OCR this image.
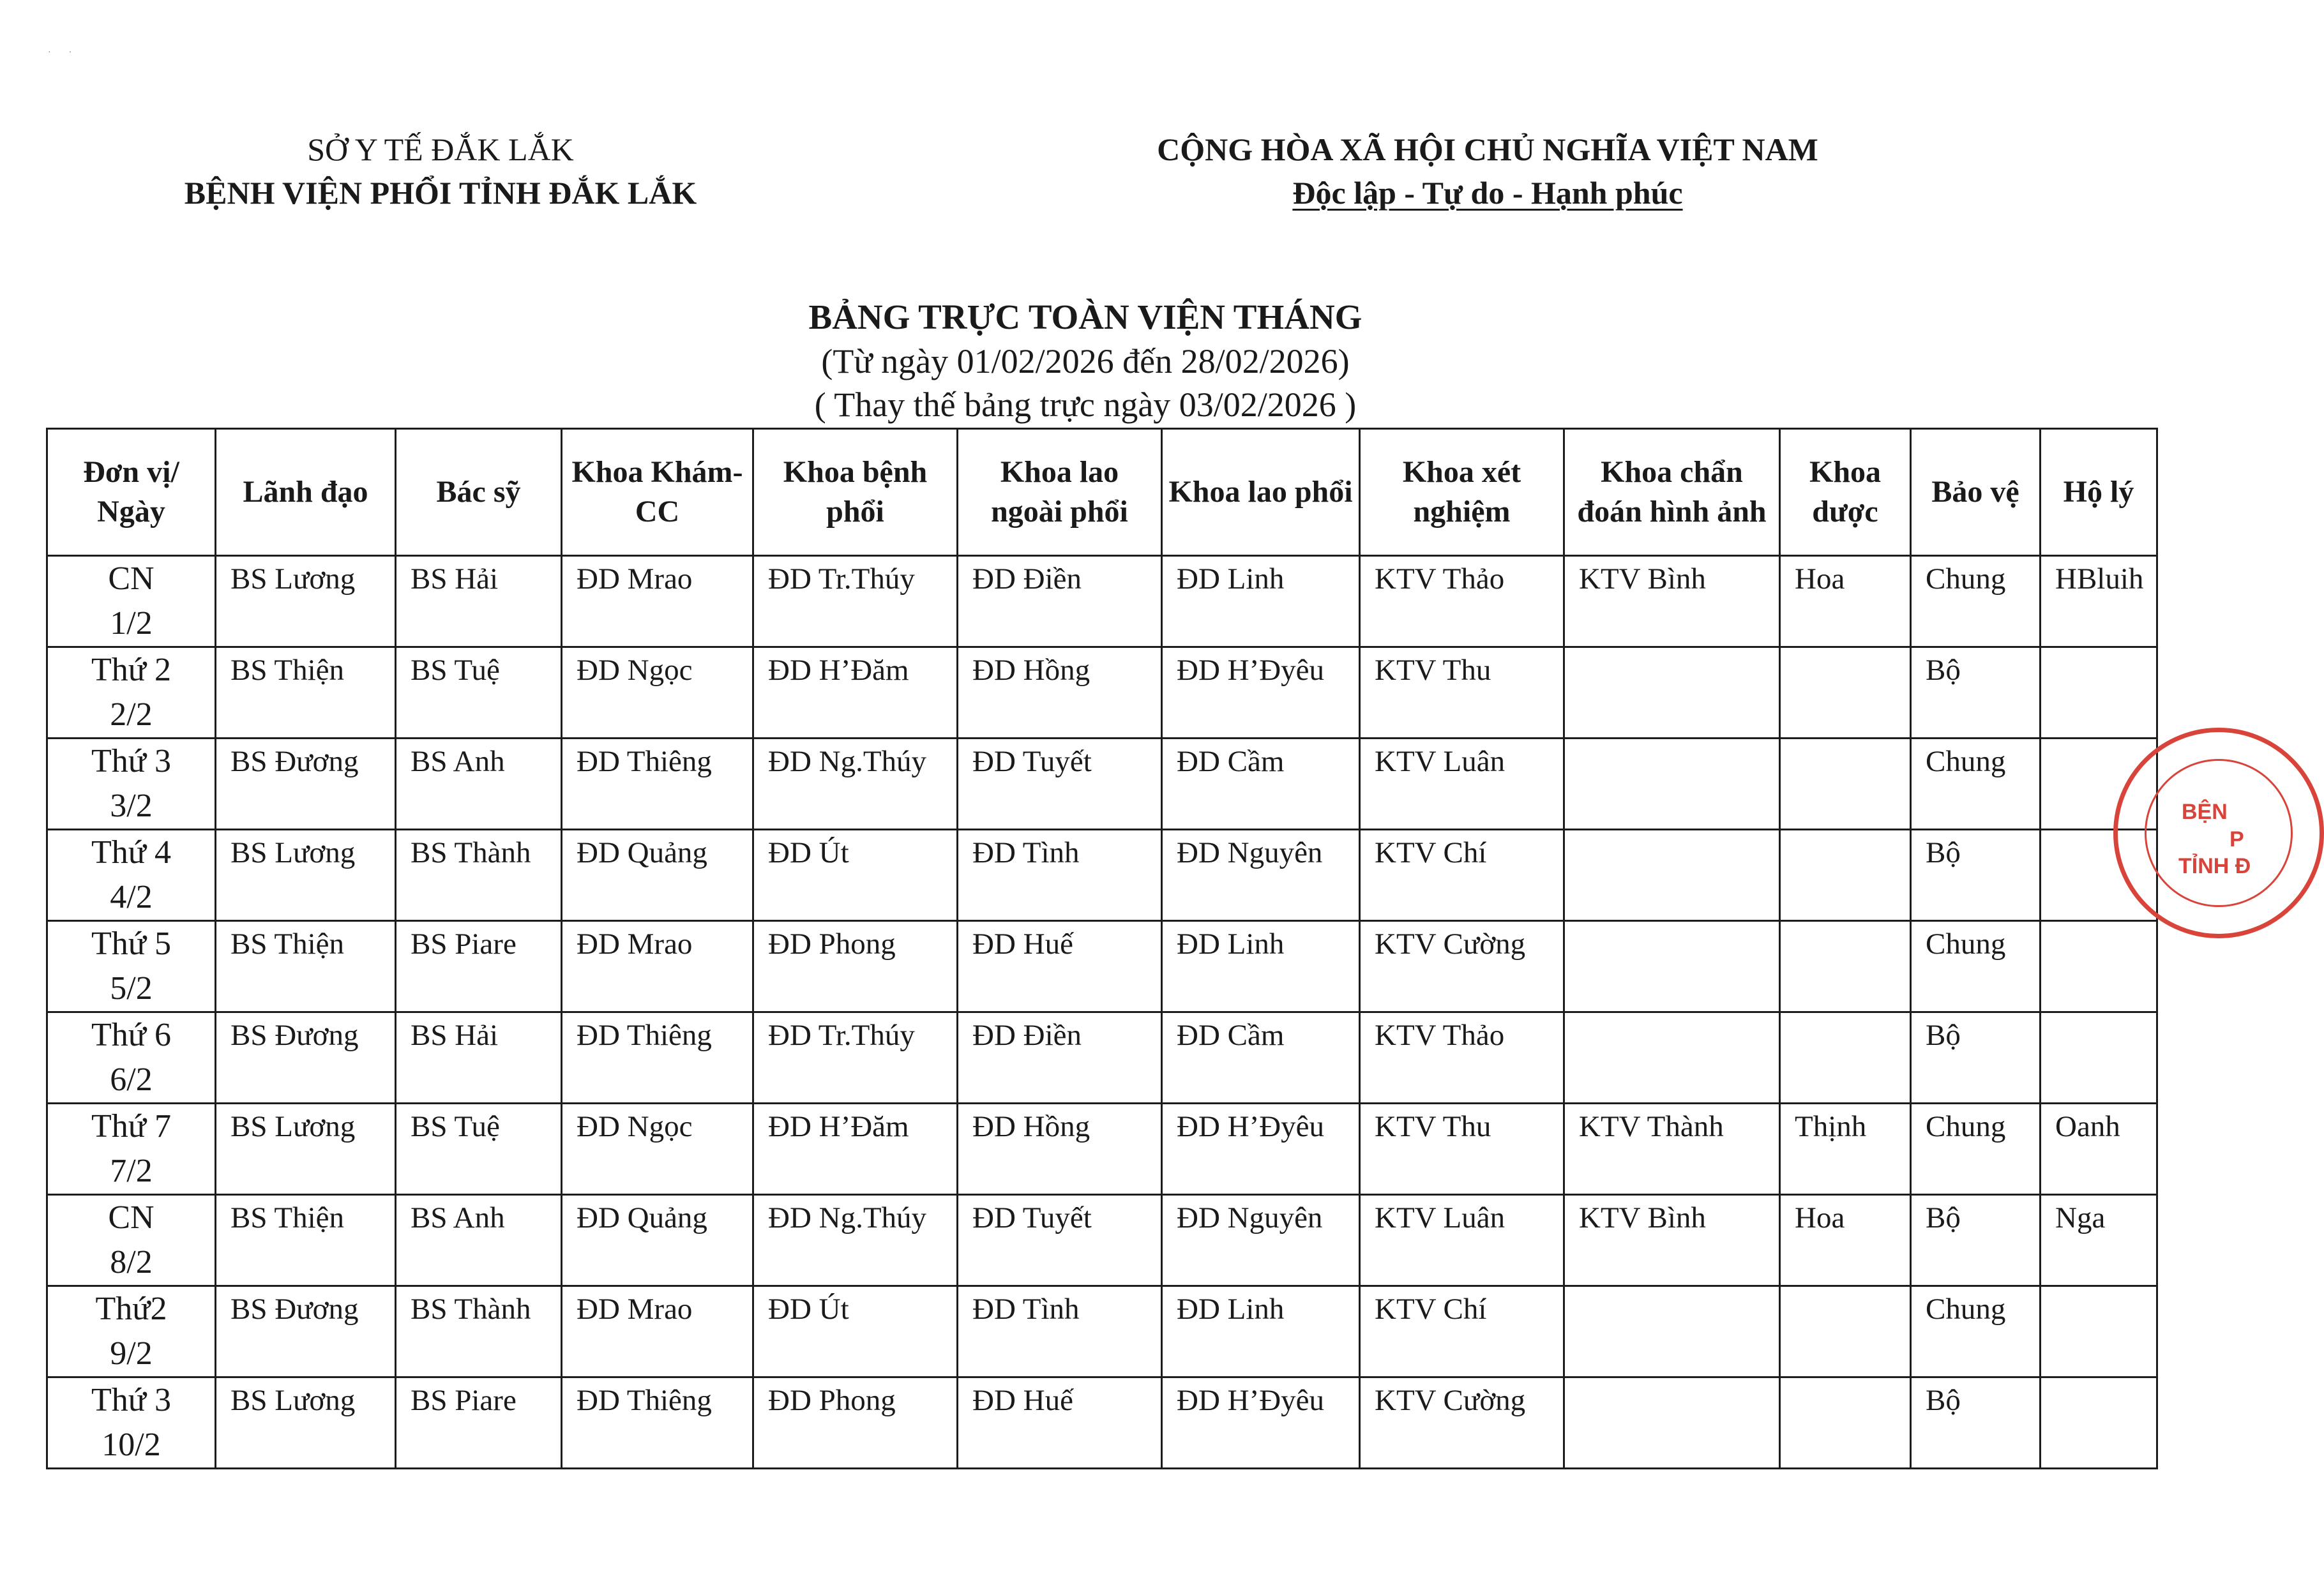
·        ·
SỞ Y TẾ ĐẮK LẮK
BỆNH VIỆN PHỔI TỈNH ĐẮK LẮK
CỘNG HÒA XÃ HỘI CHỦ NGHĨA VIỆT NAM
Độc lập - Tự do - Hạnh phúc
BẢNG TRỰC TOÀN VIỆN THÁNG
(Từ ngày 01/02/2026 đến 28/02/2026)
( Thay thế bảng trực ngày 03/02/2026 )
Đơn vị/ Ngày	Lãnh đạo	Bác sỹ	Khoa Khám-CC	Khoa bệnh phổi	Khoa lao ngoài phổi	Khoa lao phổi	Khoa xét nghiệm	Khoa chẩn đoán hình ảnh	Khoa dược	Bảo vệ	Hộ lý

CN
1/2	BS Lương	BS Hải	ĐD Mrao	ĐD Tr.Thúy	ĐD Điền	ĐD Linh	KTV Thảo	KTV Bình	Hoa	Chung	HBluih

Thứ 2
2/2	BS Thiện	BS Tuệ	ĐD Ngọc	ĐD H’Đăm	ĐD Hồng	ĐD H’Đyêu	KTV Thu			Bộ	

Thứ 3
3/2	BS Đương	BS Anh	ĐD Thiêng	ĐD Ng.Thúy	ĐD Tuyết	ĐD Cầm	KTV Luân			Chung	

Thứ 4
4/2	BS Lương	BS Thành	ĐD Quảng	ĐD Út	ĐD Tình	ĐD Nguyên	KTV Chí			Bộ	

Thứ 5
5/2	BS Thiện	BS Piare	ĐD Mrao	ĐD Phong	ĐD Huế	ĐD Linh	KTV Cường			Chung	

Thứ 6
6/2	BS Đương	BS Hải	ĐD Thiêng	ĐD Tr.Thúy	ĐD Điền	ĐD Cầm	KTV Thảo			Bộ	

Thứ 7
7/2	BS Lương	BS Tuệ	ĐD Ngọc	ĐD H’Đăm	ĐD Hồng	ĐD H’Đyêu	KTV Thu	KTV Thành	Thịnh	Chung	Oanh

CN
8/2	BS Thiện	BS Anh	ĐD Quảng	ĐD Ng.Thúy	ĐD Tuyết	ĐD Nguyên	KTV Luân	KTV Bình	Hoa	Bộ	Nga

Thứ2
9/2	BS Đương	BS Thành	ĐD Mrao	ĐD Út	ĐD Tình	ĐD Linh	KTV Chí			Chung	

Thứ 3
10/2	BS Lương	BS Piare	ĐD Thiêng	ĐD Phong	ĐD Huế	ĐD H’Đyêu	KTV Cường			Bộ	
BỆN
P
TỈNH Đ
